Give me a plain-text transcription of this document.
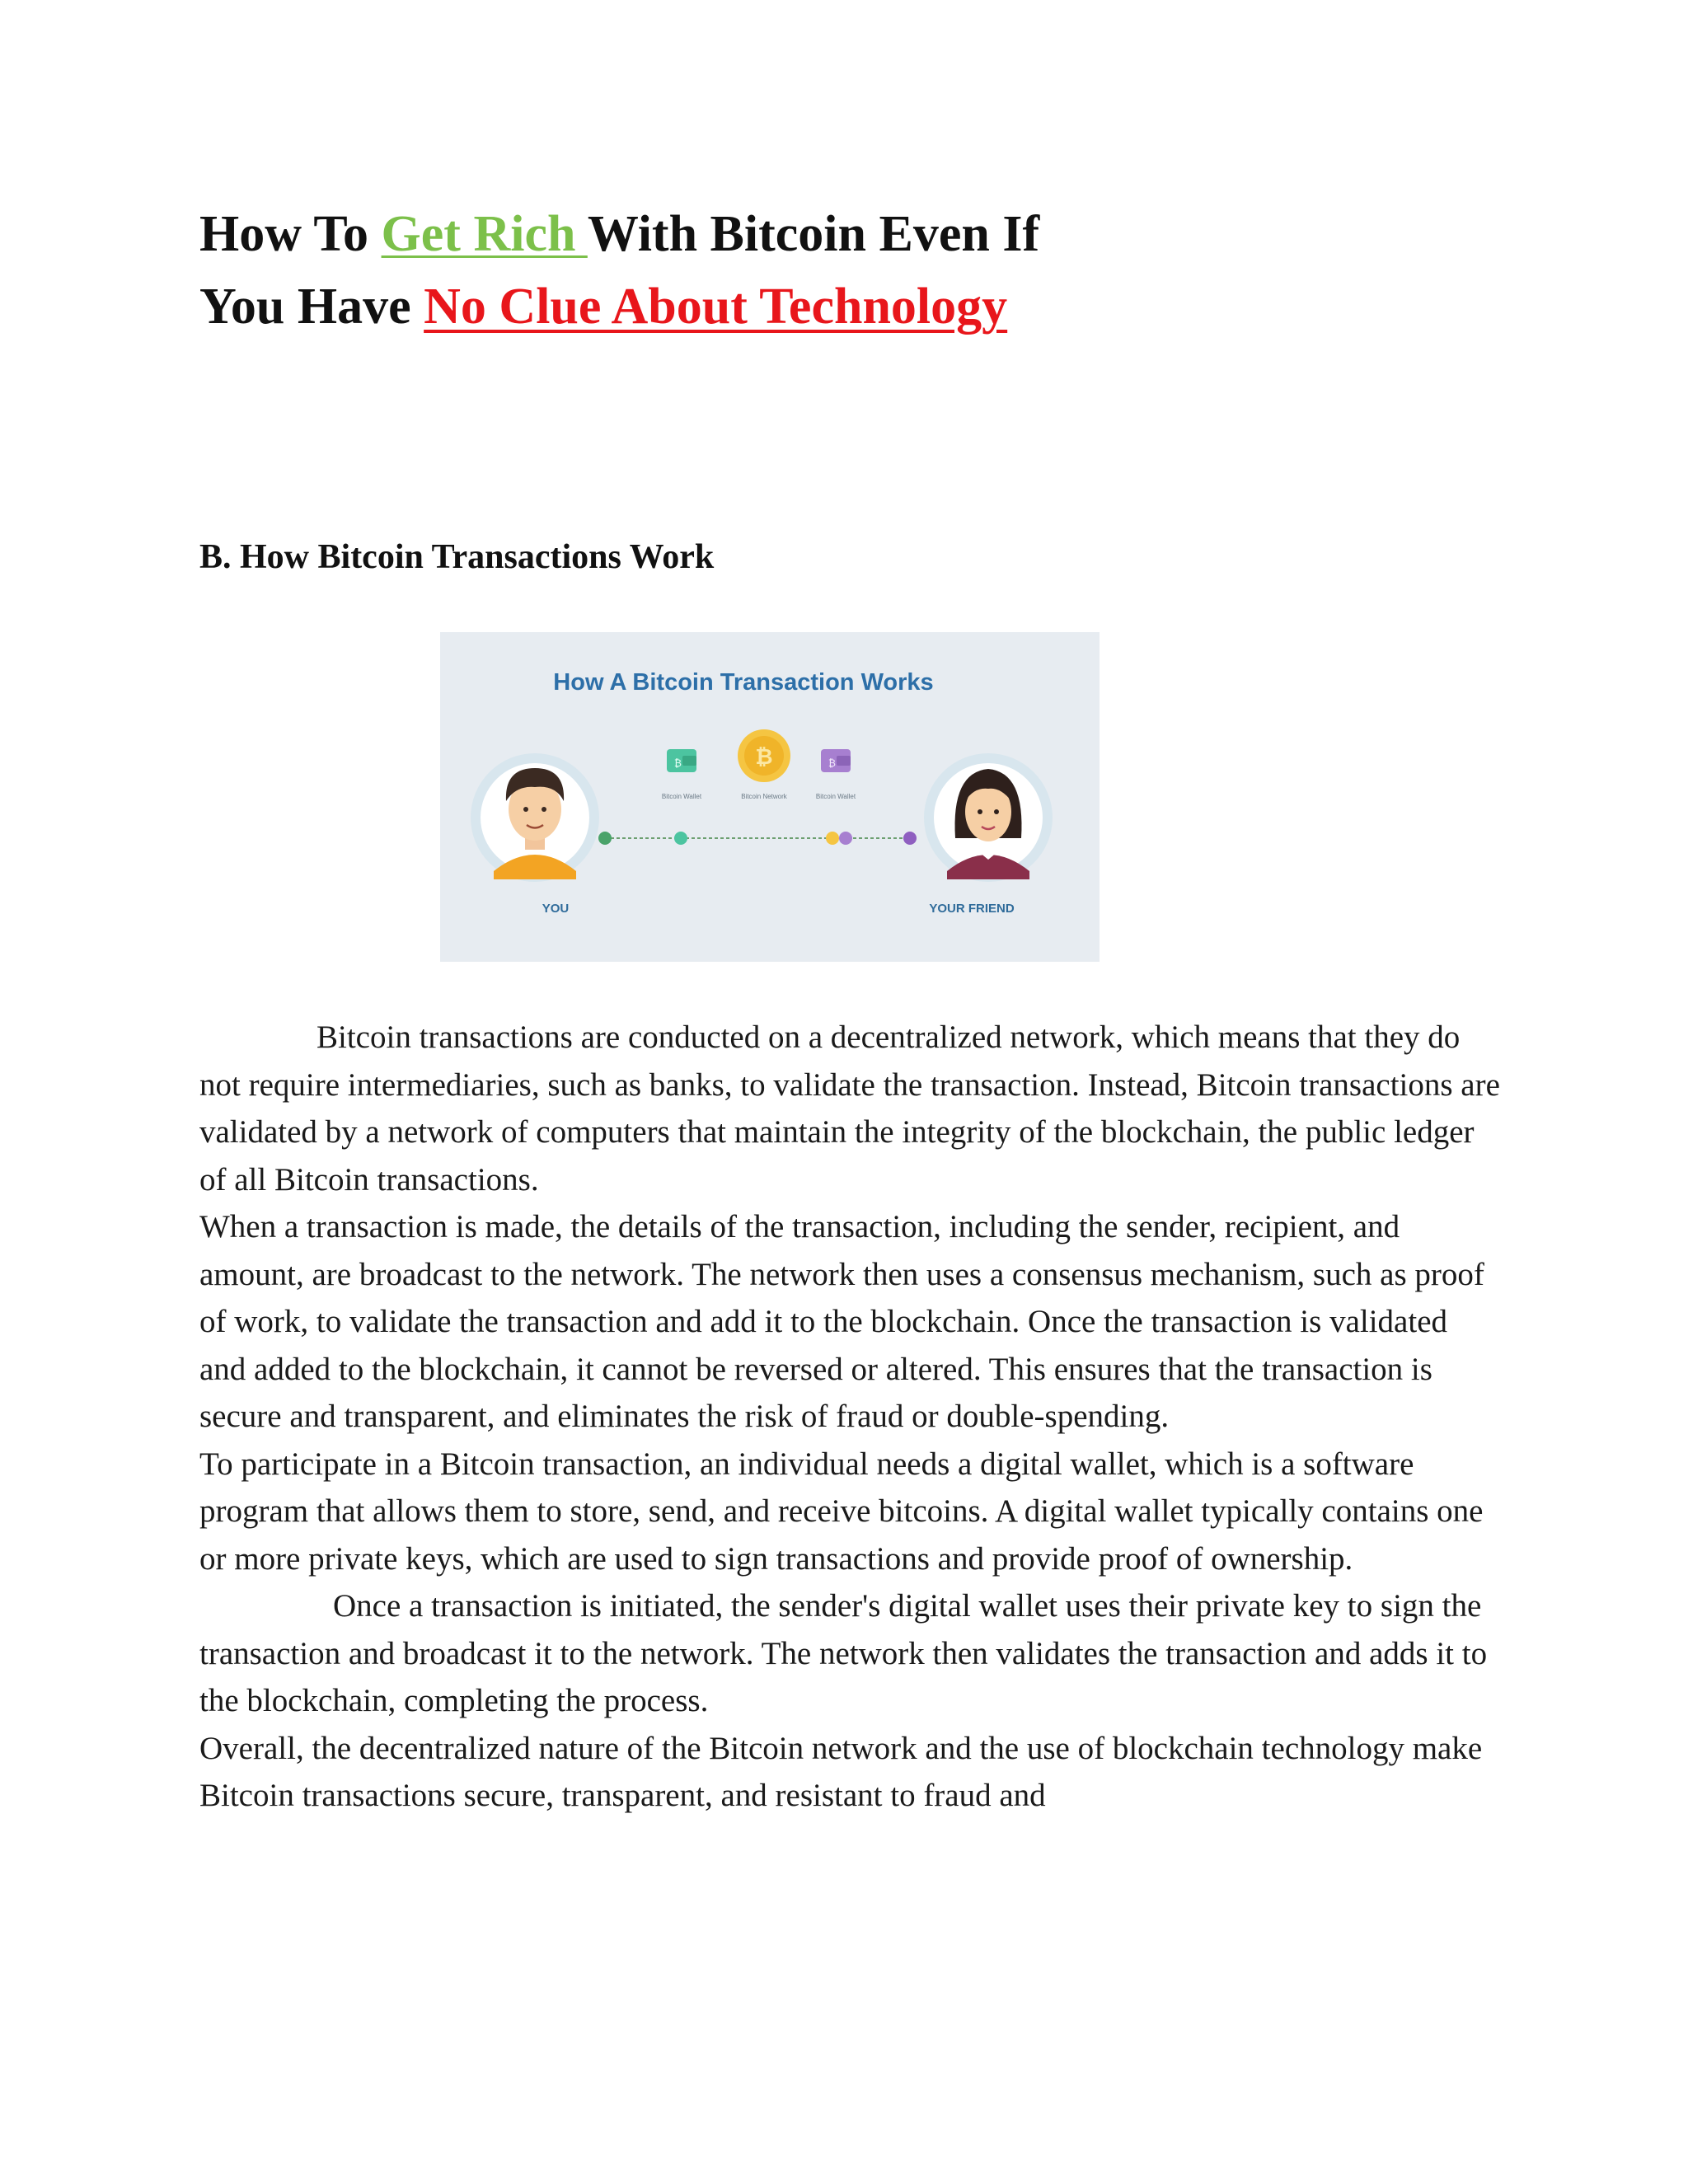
How To Get Rich With Bitcoin Even If
You Have No Clue About Technology
B. How Bitcoin Transactions Work
How A Bitcoin Transaction Works
YOU	YOUR FRIEND
₿
Bitcoin Wallet
₿
Bitcoin Network
₿
Bitcoin Wallet

Bitcoin transactions are conducted on a decentralized network, which means that they do not require intermediaries, such as banks, to validate the transaction. Instead, Bitcoin transactions are validated by a network of computers that maintain the integrity of the blockchain, the public ledger of all Bitcoin transactions.

When a transaction is made, the details of the transaction, including the sender, recipient, and amount, are broadcast to the network. The network then uses a consensus mechanism, such as proof of work, to validate the transaction and add it to the blockchain. Once the transaction is validated and added to the blockchain, it cannot be reversed or altered. This ensures that the transaction is secure and transparent, and eliminates the risk of fraud or double-spending.

To participate in a Bitcoin transaction, an individual needs a digital wallet, which is a software program that allows them to store, send, and receive bitcoins. A digital wallet typically contains one or more private keys, which are used to sign transactions and provide proof of ownership.

Once a transaction is initiated, the sender's digital wallet uses their private key to sign the transaction and broadcast it to the network. The network then validates the transaction and adds it to the blockchain, completing the process.

Overall, the decentralized nature of the Bitcoin network and the use of blockchain technology make Bitcoin transactions secure, transparent, and resistant to fraud and
